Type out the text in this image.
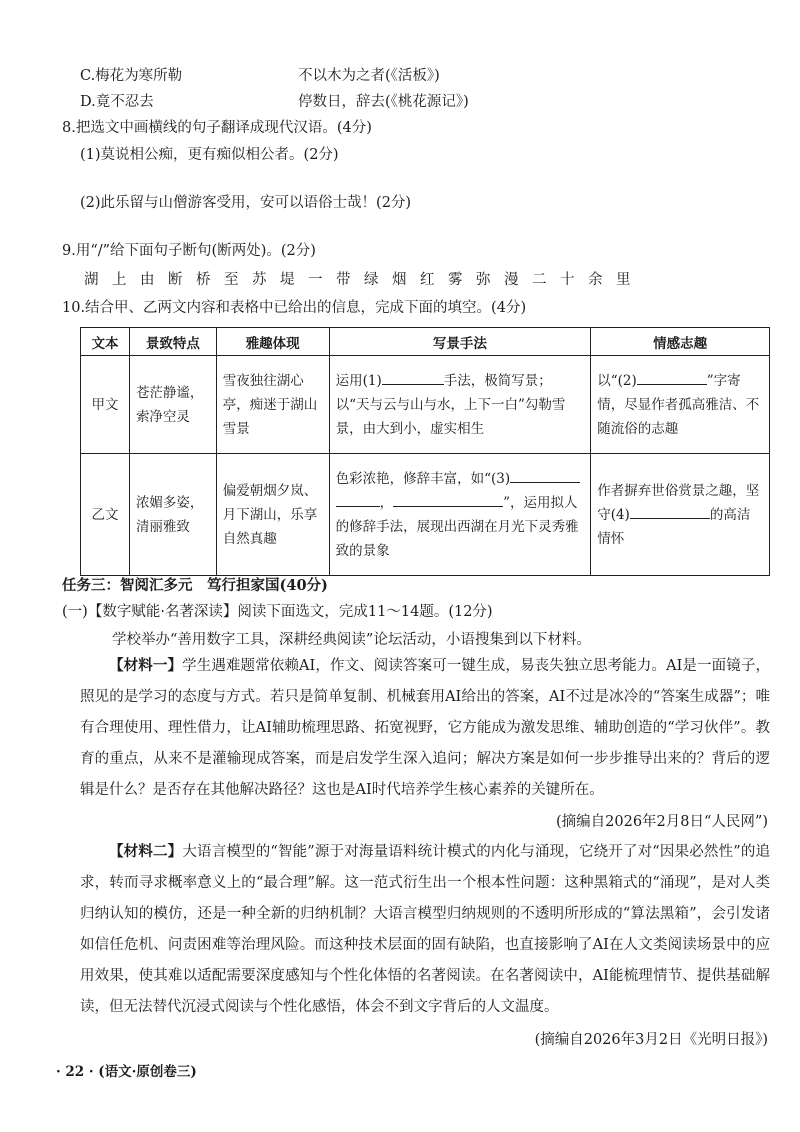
C.梅花为寒所勒	不以木为之者(《活板》)
D.竟不忍去	停数日，辞去(《桃花源记》)
8.把选文中画横线的句子翻译成现代汉语。(4分)
(1)莫说相公痴，更有痴似相公者。(2分)
(2)此乐留与山僧游客受用，安可以语俗士哉！(2分)
9.用“/”给下面句子断句(断两处)。(2分)
湖上由断桥至苏堤一带绿烟红雾弥漫二十余里
10.结合甲、乙两文内容和表格中已给出的信息，完成下面的填空。(4分)
文本	景致特点	雅趣体现	写景手法	情感志趣
甲文	苍茫静谧，索净空灵	雪夜独往湖心亭，痴迷于湖山雪景	运用(1) 手法，极简写景；以“天与云与山与水，上下一白”勾勒雪景，由大到小，虚实相生	以“(2) ”字寄情，尽显作者孤高雅洁、不随流俗的志趣
乙文	浓媚多姿，清丽雅致	偏爱朝烟夕岚、月下湖山，乐享自然真趣	色彩浓艳，修辞丰富，如“(3)， ”，运用拟人的修辞手法，展现出西湖在月光下灵秀雅致的景象	作者摒弃世俗赏景之趣，坚守(4) 的高洁情怀
任务三：智阅汇多元　笃行担家国(40分)
(一)【数字赋能·名著深读】阅读下面选文，完成11～14题。(12分)
学校举办“善用数字工具，深耕经典阅读”论坛活动，小语搜集到以下材料。
【材料一】学生遇难题常依赖AI，作文、阅读答案可一键生成，易丧失独立思考能力。AI是一面镜子，照见的是学习的态度与方式。若只是简单复制、机械套用AI给出的答案，AI不过是冰冷的“答案生成器”；唯有合理使用、理性借力，让AI辅助梳理思路、拓宽视野，它方能成为激发思维、辅助创造的“学习伙伴”。教育的重点，从来不是灌输现成答案，而是启发学生深入追问；解决方案是如何一步步推导出来的？背后的逻辑是什么？是否存在其他解决路径？这也是AI时代培养学生核心素养的关键所在。
(摘编自2026年2月8日“人民网”)
【材料二】大语言模型的“智能”源于对海量语料统计模式的内化与涌现，它绕开了对“因果必然性”的追求，转而寻求概率意义上的“最合理”解。这一范式衍生出一个根本性问题：这种黑箱式的“涌现”，是对人类归纳认知的模仿，还是一种全新的归纳机制？大语言模型归纳规则的不透明所形成的“算法黑箱”，会引发诸如信任危机、问责困难等治理风险。而这种技术层面的固有缺陷，也直接影响了AI在人文类阅读场景中的应用效果，使其难以适配需要深度感知与个性化体悟的名著阅读。在名著阅读中，AI能梳理情节、提供基础解读，但无法替代沉浸式阅读与个性化感悟，体会不到文字背后的人文温度。
(摘编自2026年3月2日《光明日报》)
· 22 · (语文·原创卷三)
